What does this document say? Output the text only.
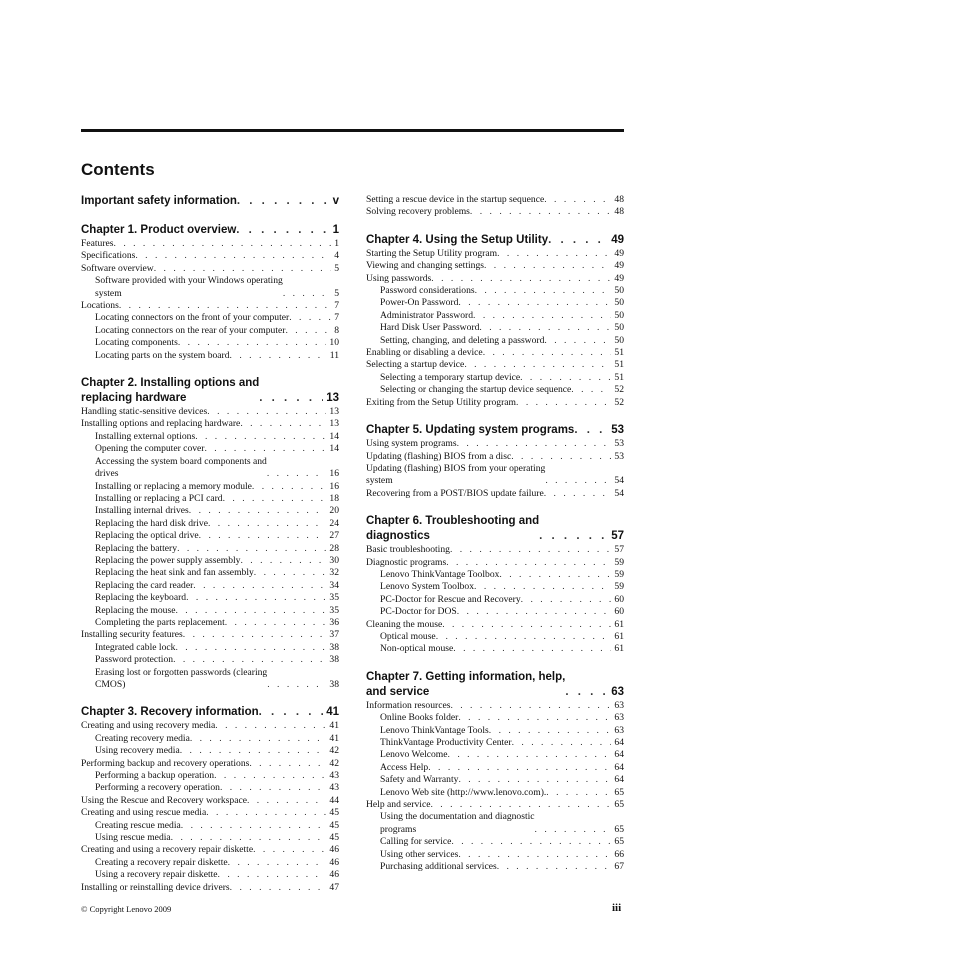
Contents
Important safety information . . .	v
Chapter 1. Product overview . . .	1
Features . . .	1
Specifications . . .	4
Software overview . . .	5
Software provided with your Windows operating
system . . .	5
Locations . . .	7
Locating connectors on the front of your computer . . .	7
Locating connectors on the rear of your computer . . .	8
Locating components . . .	10
Locating parts on the system board . . .	11
Chapter 2. Installing options and
replacing hardware . . .	13
Handling static-sensitive devices . . .	13
Installing options and replacing hardware . . .	13
Installing external options . . .	14
Opening the computer cover . . .	14
Accessing the system board components and
drives . . .	16
Installing or replacing a memory module . . .	16
Installing or replacing a PCI card . . .	18
Installing internal drives . . .	20
Replacing the hard disk drive . . .	24
Replacing the optical drive . . .	27
Replacing the battery . . .	28
Replacing the power supply assembly . . .	30
Replacing the heat sink and fan assembly . . .	32
Replacing the card reader . . .	34
Replacing the keyboard . . .	35
Replacing the mouse . . .	35
Completing the parts replacement . . .	36
Installing security features . . .	37
Integrated cable lock . . .	38
Password protection . . .	38
Erasing lost or forgotten passwords (clearing
CMOS) . . .	38
Chapter 3. Recovery information . . .	41
Creating and using recovery media . . .	41
Creating recovery media . . .	41
Using recovery media . . .	42
Performing backup and recovery operations . . .	42
Performing a backup operation . . .	43
Performing a recovery operation . . .	43
Using the Rescue and Recovery workspace . . .	44
Creating and using rescue media . . .	45
Creating rescue media . . .	45
Using rescue media . . .	45
Creating and using a recovery repair diskette . . .	46
Creating a recovery repair diskette . . .	46
Using a recovery repair diskette . . .	46
Installing or reinstalling device drivers . . .	47
Setting a rescue device in the startup sequence . . .	48
Solving recovery problems . . .	48
Chapter 4. Using the Setup Utility . . .	49
Starting the Setup Utility program . . .	49
Viewing and changing settings . . .	49
Using passwords . . .	49
Password considerations . . .	50
Power-On Password . . .	50
Administrator Password . . .	50
Hard Disk User Password . . .	50
Setting, changing, and deleting a password . . .	50
Enabling or disabling a device . . .	51
Selecting a startup device . . .	51
Selecting a temporary startup device . . .	51
Selecting or changing the startup device sequence . . .	52
Exiting from the Setup Utility program . . .	52
Chapter 5. Updating system programs . . .	53
Using system programs . . .	53
Updating (flashing) BIOS from a disc . . .	53
Updating (flashing) BIOS from your operating
system . . .	54
Recovering from a POST/BIOS update failure . . .	54
Chapter 6. Troubleshooting and
diagnostics . . .	57
Basic troubleshooting . . .	57
Diagnostic programs . . .	59
Lenovo ThinkVantage Toolbox . . .	59
Lenovo System Toolbox . . .	59
PC-Doctor for Rescue and Recovery . . .	60
PC-Doctor for DOS . . .	60
Cleaning the mouse . . .	61
Optical mouse . . .	61
Non-optical mouse . . .	61
Chapter 7. Getting information, help,
and service . . .	63
Information resources . . .	63
Online Books folder . . .	63
Lenovo ThinkVantage Tools . . .	63
ThinkVantage Productivity Center . . .	64
Lenovo Welcome . . .	64
Access Help . . .	64
Safety and Warranty . . .	64
Lenovo Web site (http://www.lenovo.com). . . .	65
Help and service . . .	65
Using the documentation and diagnostic
programs . . .	65
Calling for service . . .	65
Using other services . . .	66
Purchasing additional services . . .	67
© Copyright Lenovo 2009	iii
